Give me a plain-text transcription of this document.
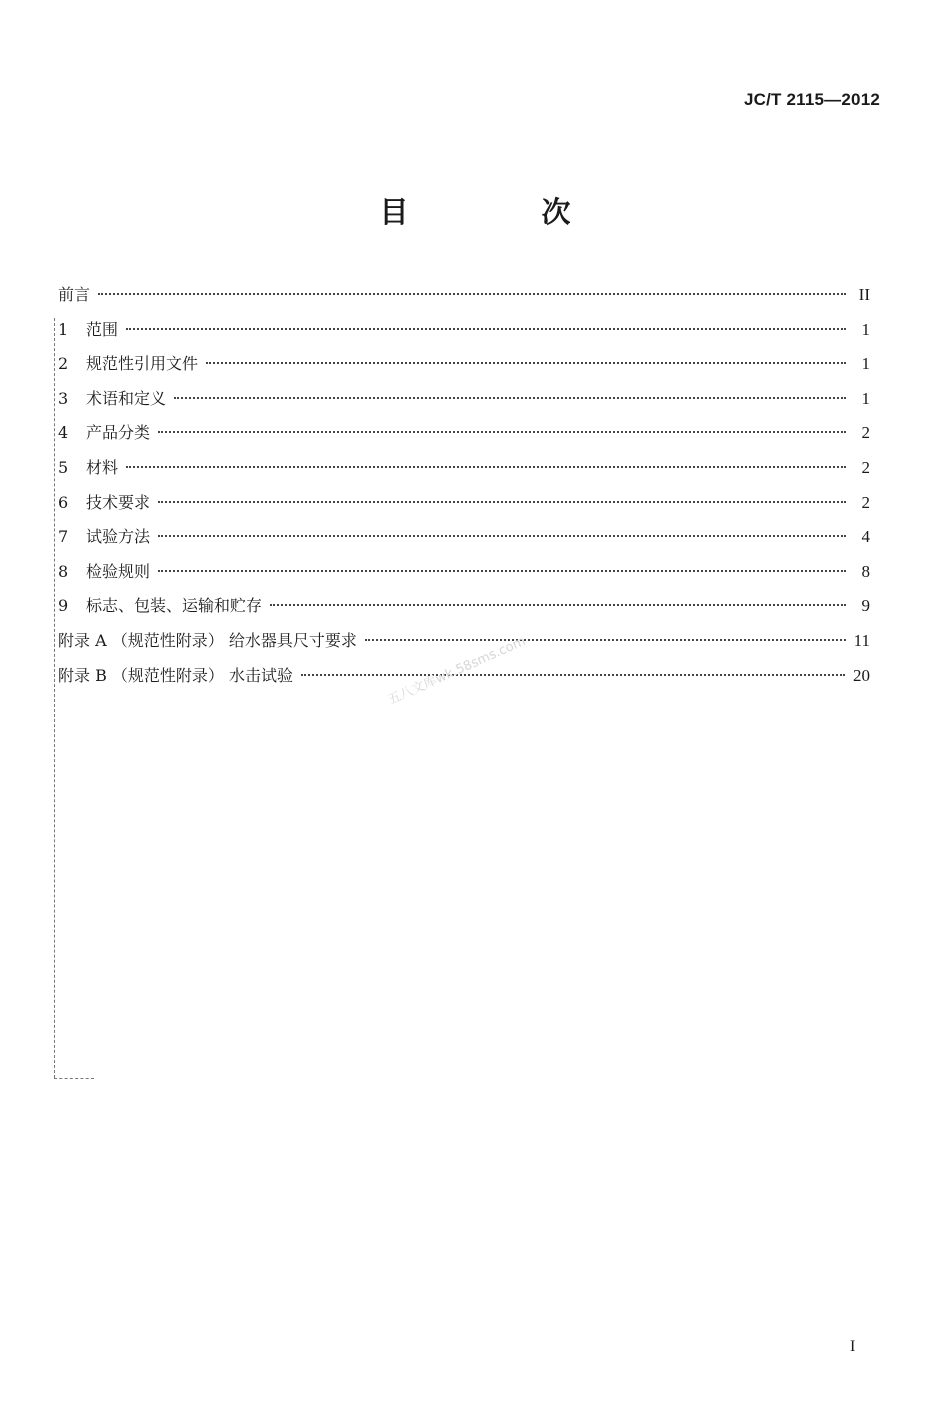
JC/T 2115—2012
目　次
前言	II
1	范围	1
2	规范性引用文件	1
3	术语和定义	1
4	产品分类	2
5	材料	2
6	技术要求	2
7	试验方法	4
8	检验规则	8
9	标志、包装、运输和贮存	9
附录 A （规范性附录） 给水器具尺寸要求	11
附录 B （规范性附录） 水击试验	20
五八文库wk.58sms.com
I
